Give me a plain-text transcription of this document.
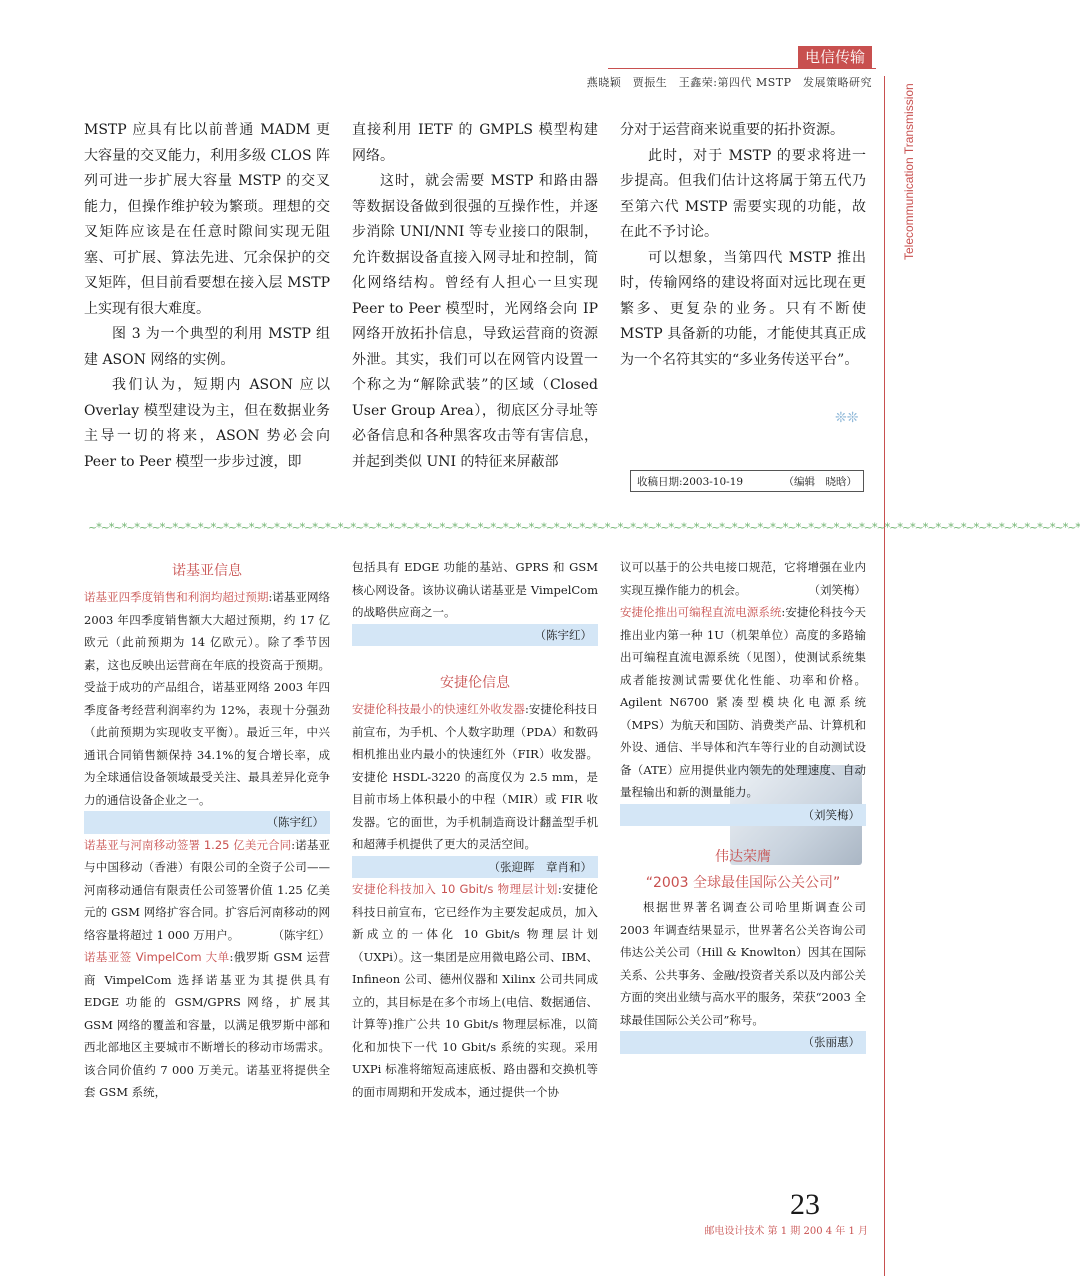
电信传输
燕晓颖　贾振生　王鑫荣:第四代 MSTP　发展策略研究
Telecommunication Transmission

MSTP 应具有比以前普通 MADM 更大容量的交叉能力，利用多级 CLOS 阵列可进一步扩展大容量 MSTP 的交叉能力，但操作维护较为繁琐。理想的交叉矩阵应该是在任意时隙间实现无阻塞、可扩展、算法先进、冗余保护的交叉矩阵，但目前看要想在接入层 MSTP 上实现有很大难度。

图 3 为一个典型的利用 MSTP 组建 ASON 网络的实例。

我们认为，短期内 ASON 应以 Overlay 模型建设为主，但在数据业务主导一切的将来，ASON 势必会向 Peer to Peer 模型一步步过渡，即

直接利用 IETF 的 GMPLS 模型构建网络。

这时，就会需要 MSTP 和路由器等数据设备做到很强的互操作性，并逐步消除 UNI/NNI 等专业接口的限制，允许数据设备直接入网寻址和控制，简化网络结构。曾经有人担心一旦实现 Peer to Peer 模型时，光网络会向 IP 网络开放拓扑信息，导致运营商的资源外泄。其实，我们可以在网管内设置一个称之为“解除武装”的区域（Closed User Group Area），彻底区分寻址等必备信息和各种黑客攻击等有害信息，并起到类似 UNI 的特征来屏蔽部

分对于运营商来说重要的拓扑资源。

此时，对于 MSTP 的要求将进一步提高。但我们估计这将属于第五代乃至第六代 MSTP 需要实现的功能，故在此不予讨论。

可以想象，当第四代 MSTP 推出时，传输网络的建设将面对远比现在更繁多、更复杂的业务。只有不断使 MSTP 具备新的功能，才能使其真正成为一个名符其实的“多业务传送平台”。

❊❊
收稿日期:2003-10-19	（编辑　晓晗）
~*~*~*~*~*~*~*~*~*~*~*~*~*~*~*~*~*~*~*~*~*~*~*~*~*~*~*~*~*~*~*~*~*~*~*~*~*~*~*~*~*~*~*~*~*~*~*~*~*~*~*~*~*~*~*~*~*~*~*~*~*~*~*~*~*~*~*~*~*~*~*~*~*~*~*~*~*~*
诺基亚信息

诺基亚四季度销售和利润均超过预期:诺基亚网络 2003 年四季度销售额大大超过预期，约 17 亿欧元（此前预期为 14 亿欧元）。除了季节因素，这也反映出运营商在年底的投资高于预期。受益于成功的产品组合，诺基亚网络 2003 年四季度备考经营利润率约为 12%，表现十分强劲（此前预期为实现收支平衡）。最近三年，中兴通讯合同销售额保持 34.1%的复合增长率，成为全球通信设备领域最受关注、最具差异化竞争力的通信设备企业之一。

（陈宇红）

诺基亚与河南移动签署 1.25 亿美元合同:诺基亚与中国移动（香港）有限公司的全资子公司——河南移动通信有限责任公司签署价值 1.25 亿美元的 GSM 网络扩容合同。扩容后河南移动的网络容量将超过 1 000 万用户。	（陈宇红）

诺基亚签 VimpelCom 大单:俄罗斯 GSM 运营商 VimpelCom 选择诺基亚为其提供具有 EDGE 功能的 GSM/GPRS 网络，扩展其 GSM 网络的覆盖和容量，以满足俄罗斯中部和西北部地区主要城市不断增长的移动市场需求。该合同价值约 7 000 万美元。诺基亚将提供全套 GSM 系统，

包括具有 EDGE 功能的基站、GPRS 和 GSM 核心网设备。该协议确认诺基亚是 VimpelCom 的战略供应商之一。

（陈宇红）

安捷伦信息

安捷伦科技最小的快速红外收发器:安捷伦科技日前宣布，为手机、个人数字助理（PDA）和数码相机推出业内最小的快速红外（FIR）收发器。安捷伦 HSDL-3220 的高度仅为 2.5 mm，是目前市场上体积最小的中程（MIR）或 FIR 收发器。它的面世，为手机制造商设计翻盖型手机和超薄手机提供了更大的灵活空间。

（张迎晖　章肖和）

安捷伦科技加入 10 Gbit/s 物理层计划:安捷伦科技日前宣布，它已经作为主要发起成员，加入新成立的一体化 10 Gbit/s 物理层计划（UXPi）。这一集团是应用微电路公司、IBM、Infineon 公司、德州仪器和 Xilinx 公司共同成立的，其目标是在多个市场上(电信、数据通信、计算等)推广公共 10 Gbit/s 物理层标准，以简化和加快下一代 10 Gbit/s 系统的实现。采用 UXPi 标准将缩短高速底板、路由器和交换机等的面市周期和开发成本，通过提供一个协

议可以基于的公共电接口规范，它将增强在业内实现互操作能力的机会。	（刘笑梅）

安捷伦推出可编程直流电源系统:安捷伦科技今天推出业内第一种 1U（机架单位）高度的多路输出可编程直流电源系统（见图），使测试系统集成者能按测试需要优化性能、功率和价格。Agilent N6700 紧凑型模块化电源系统（MPS）为航天和国防、消费类产品、计算机和外设、通信、半导体和汽车等行业的自动测试设备（ATE）应用提供业内领先的处理速度、自动量程输出和新的测量能力。

（刘笑梅）

伟达荣膺
“2003 全球最佳国际公关公司”

根据世界著名调查公司哈里斯调查公司 2003 年调查结果显示，世界著名公关咨询公司伟达公关公司（Hill & Knowlton）因其在国际关系、公共事务、金融/投资者关系以及内部公关方面的突出业绩与高水平的服务，荣获“2003 全球最佳国际公关公司”称号。

（张丽惠）

23
邮电设计技术 第 1 期 200 4 年 1 月
